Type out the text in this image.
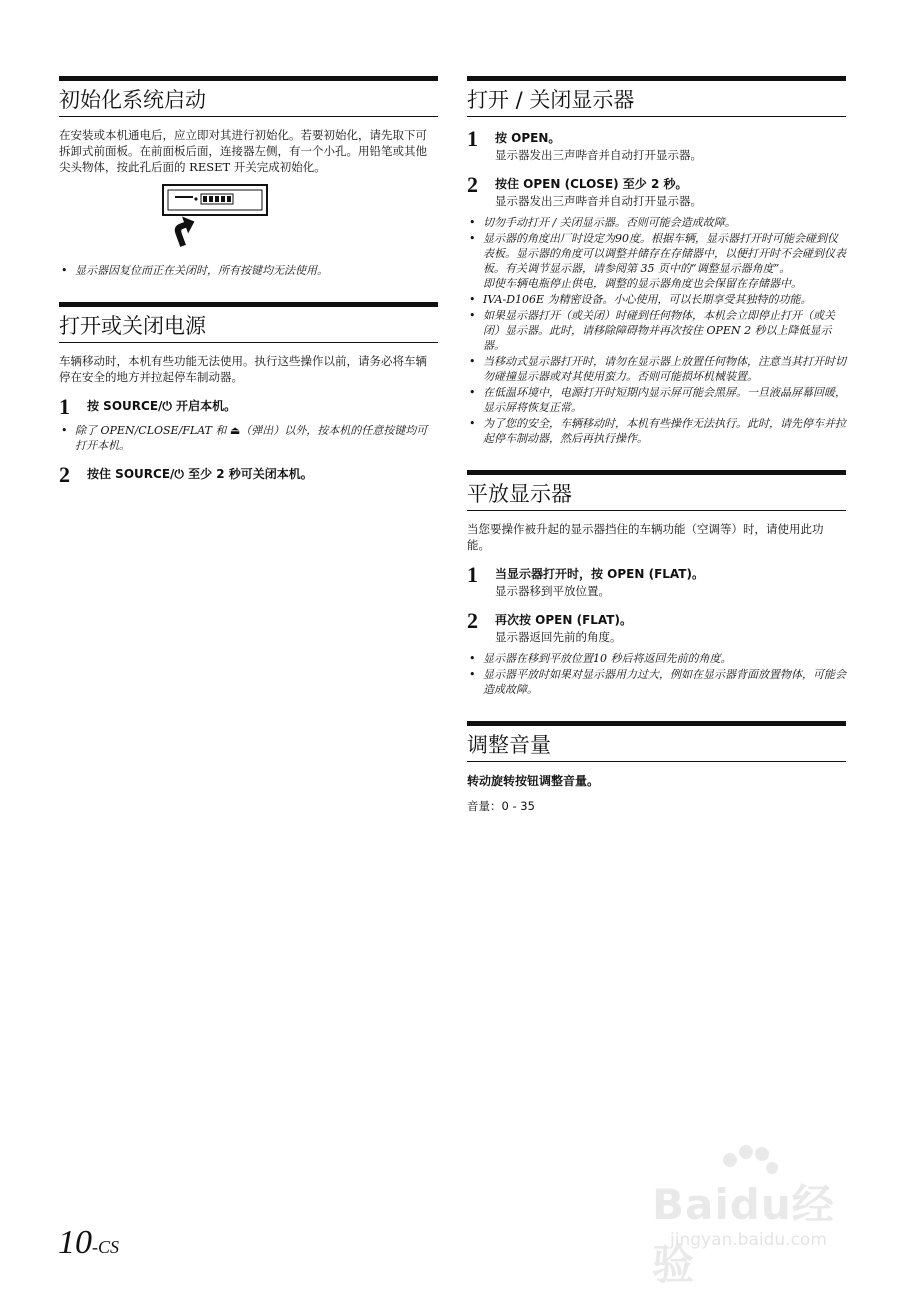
初始化系统启动

在安装或本机通电后，应立即对其进行初始化。若要初始化，请先取下可拆卸式前面板。在前面板后面，连接器左侧，有一个小孔。用铅笔或其他尖头物体，按此孔后面的 RESET 开关完成初始化。

• 显示器因复位而正在关闭时，所有按键均无法使用。
打开或关闭电源

车辆移动时，本机有些功能无法使用。执行这些操作以前，请务必将车辆停在安全的地方并拉起停车制动器。

1	按 SOURCE/⏻ 开启本机。
• 除了 OPEN/CLOSE/FLAT 和 ⏏（弹出）以外，按本机的任意按键均可打开本机。
2	按住 SOURCE/⏻ 至少 2 秒可关闭本机。
打开 / 关闭显示器
1	按 OPEN。
显示器发出三声哔音并自动打开显示器。
2	按住 OPEN (CLOSE) 至少 2 秒。
显示器发出三声哔音并自动打开显示器。
• 切勿手动打开 / 关闭显示器。否则可能会造成故障。
• 显示器的角度出厂时设定为90度。根据车辆，显示器打开时可能会碰到仪表板。显示器的角度可以调整并储存在存储器中，以便打开时不会碰到仪表板。有关调节显示器，请参阅第 35 页中的“调整显示器角度”。
即使车辆电瓶停止供电，调整的显示器角度也会保留在存储器中。
• IVA-D106E 为精密设备。小心使用，可以长期享受其独特的功能。
• 如果显示器打开（或关闭）时碰到任何物体，本机会立即停止打开（或关闭）显示器。此时，请移除障碍物并再次按住 OPEN 2 秒以上降低显示器。
• 当移动式显示器打开时，请勿在显示器上放置任何物体，注意当其打开时切勿碰撞显示器或对其使用蛮力。否则可能损坏机械装置。
• 在低温环境中，电源打开时短期内显示屏可能会黑屏。一旦液晶屏幕回暖，显示屏将恢复正常。
• 为了您的安全，车辆移动时，本机有些操作无法执行。此时，请先停车并拉起停车制动器，然后再执行操作。
平放显示器

当您要操作被升起的显示器挡住的车辆功能（空调等）时，请使用此功能。

1	当显示器打开时，按 OPEN (FLAT)。
显示器移到平放位置。
2	再次按 OPEN (FLAT)。
显示器返回先前的角度。
• 显示器在移到平放位置10 秒后将返回先前的角度。
• 显示器平放时如果对显示器用力过大，例如在显示器背面放置物体，可能会造成故障。
调整音量
转动旋转按钮调整音量。
音量：0 - 35
10-CS
Baidu经验
jingyan.baidu.com
